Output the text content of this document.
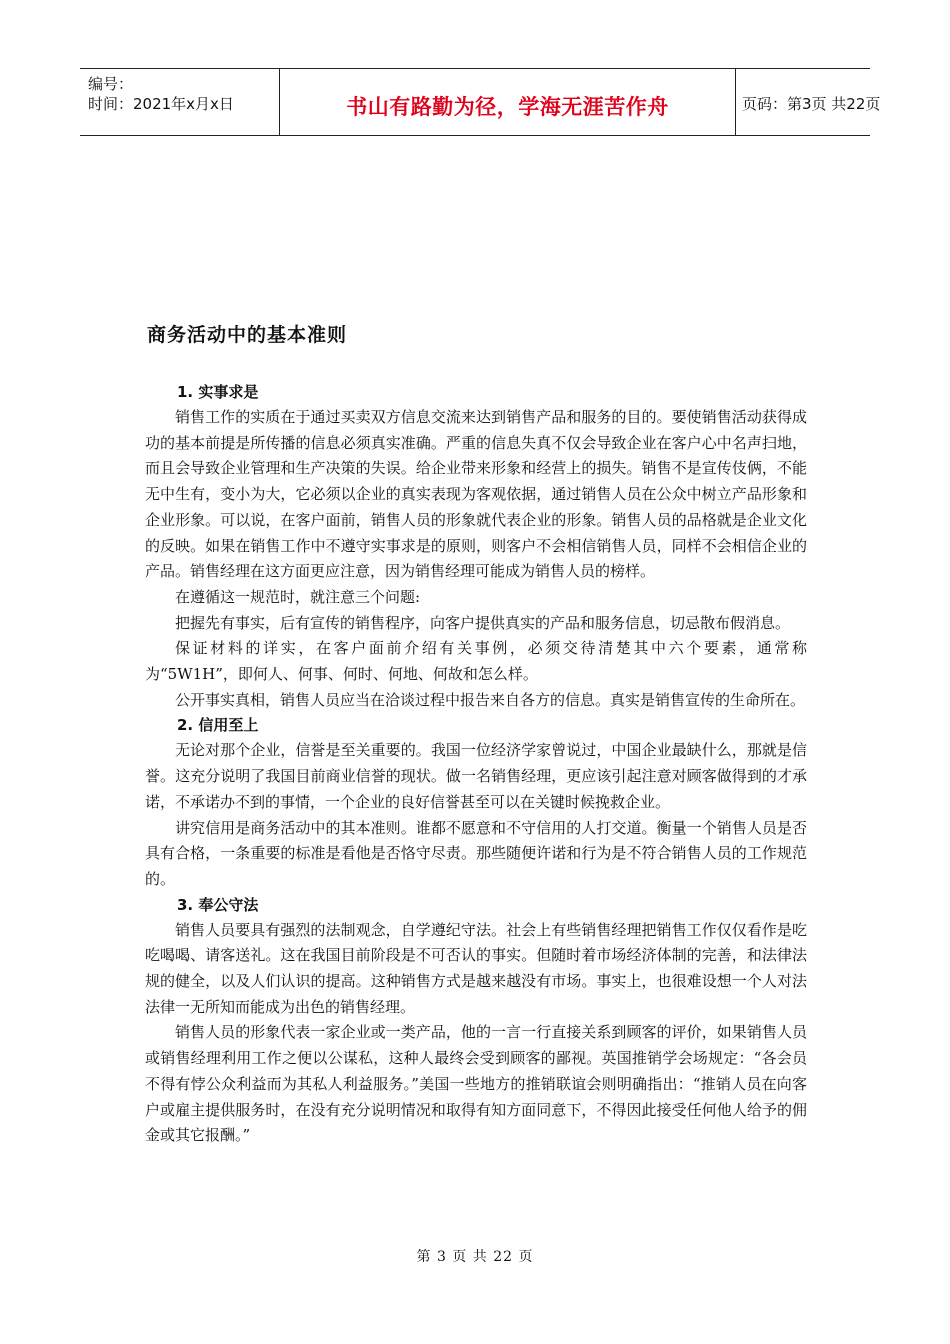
编号：
时间：2021年x月x日	书山有路勤为径，学海无涯苦作舟	页码：第3页 共22页
商务活动中的基本准则
1. 实事求是

销售工作的实质在于通过买卖双方信息交流来达到销售产品和服务的目的。要使销售活动获得成功的基本前提是所传播的信息必须真实准确。严重的信息失真不仅会导致企业在客户心中名声扫地，而且会导致企业管理和生产决策的失误。给企业带来形象和经营上的损失。销售不是宣传伎俩，不能无中生有，变小为大，它必须以企业的真实表现为客观依据，通过销售人员在公众中树立产品形象和企业形象。可以说，在客户面前，销售人员的形象就代表企业的形象。销售人员的品格就是企业文化的反映。如果在销售工作中不遵守实事求是的原则，则客户不会相信销售人员，同样不会相信企业的产品。销售经理在这方面更应注意，因为销售经理可能成为销售人员的榜样。

在遵循这一规范时，就注意三个问题:

把握先有事实，后有宣传的销售程序，向客户提供真实的产品和服务信息，切忌散布假消息。

保证材料的详实，在客户面前介绍有关事例，必须交待清楚其中六个要素，通常称为“5W1H”，即何人、何事、何时、何地、何故和怎么样。

公开事实真相，销售人员应当在洽谈过程中报告来自各方的信息。真实是销售宣传的生命所在。

2. 信用至上

无论对那个企业，信誉是至关重要的。我国一位经济学家曾说过，中国企业最缺什么，那就是信誉。这充分说明了我国目前商业信誉的现状。做一名销售经理，更应该引起注意对顾客做得到的才承诺，不承诺办不到的事情，一个企业的良好信誉甚至可以在关键时候挽救企业。

讲究信用是商务活动中的其本准则。谁都不愿意和不守信用的人打交道。衡量一个销售人员是否具有合格，一条重要的标准是看他是否恪守尽责。那些随便许诺和行为是不符合销售人员的工作规范的。

3. 奉公守法

销售人员要具有强烈的法制观念，自学遵纪守法。社会上有些销售经理把销售工作仅仅看作是吃吃喝喝、请客送礼。这在我国目前阶段是不可否认的事实。但随时着市场经济体制的完善，和法律法规的健全，以及人们认识的提高。这种销售方式是越来越没有市场。事实上，也很难设想一个人对法法律一无所知而能成为出色的销售经理。

销售人员的形象代表一家企业或一类产品，他的一言一行直接关系到顾客的评价，如果销售人员或销售经理利用工作之便以公谋私，这种人最终会受到顾客的鄙视。英国推销学会场规定：“各会员不得有悖公众利益而为其私人利益服务。”美国一些地方的推销联谊会则明确指出：“推销人员在向客户或雇主提供服务时，在没有充分说明情况和取得有知方面同意下，不得因此接受任何他人给予的佣金或其它报酬。”

第 3 页 共 22 页
